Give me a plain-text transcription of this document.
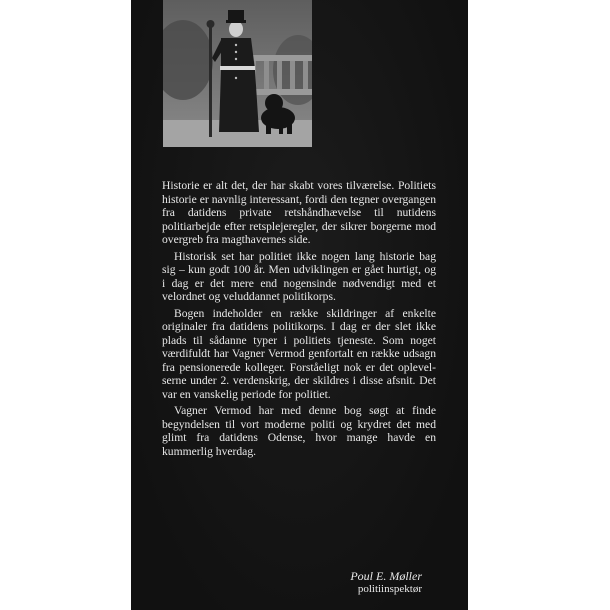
Historie er alt det, der har skabt vores tilværelse. Politiets historie er navnlig interessant, fordi den tegner overgangen fra datidens private retshåndhævelse til nutidens politiarbejde efter retsplejeregler, der sikrer borgerne mod overgreb fra magthavernes side.

Historisk set har politiet ikke nogen lang historie bag sig – kun godt 100 år. Men udviklingen er gået hurtigt, og i dag er det mere end nogensinde nødvendigt med et velordnet og veluddannet politikorps.

Bogen indeholder en række skildringer af enkelte originaler fra datidens politikorps. I dag er der slet ikke plads til sådanne typer i politiets tjeneste. Som noget værdifuldt har Vagner Vermod genfortalt en række udsagn fra pensionerede kolleger. Forståeligt nok er det oplevelserne under 2. verdenskrig, der skildres i disse afsnit. Det var en vanskelig periode for politiet.

Vagner Vermod har med denne bog søgt at finde begyndelsen til vort moderne politi og krydret det med glimt fra datidens Odense, hvor mange havde en kummerlig hverdag.

Poul E. Møller
politiinspektør
